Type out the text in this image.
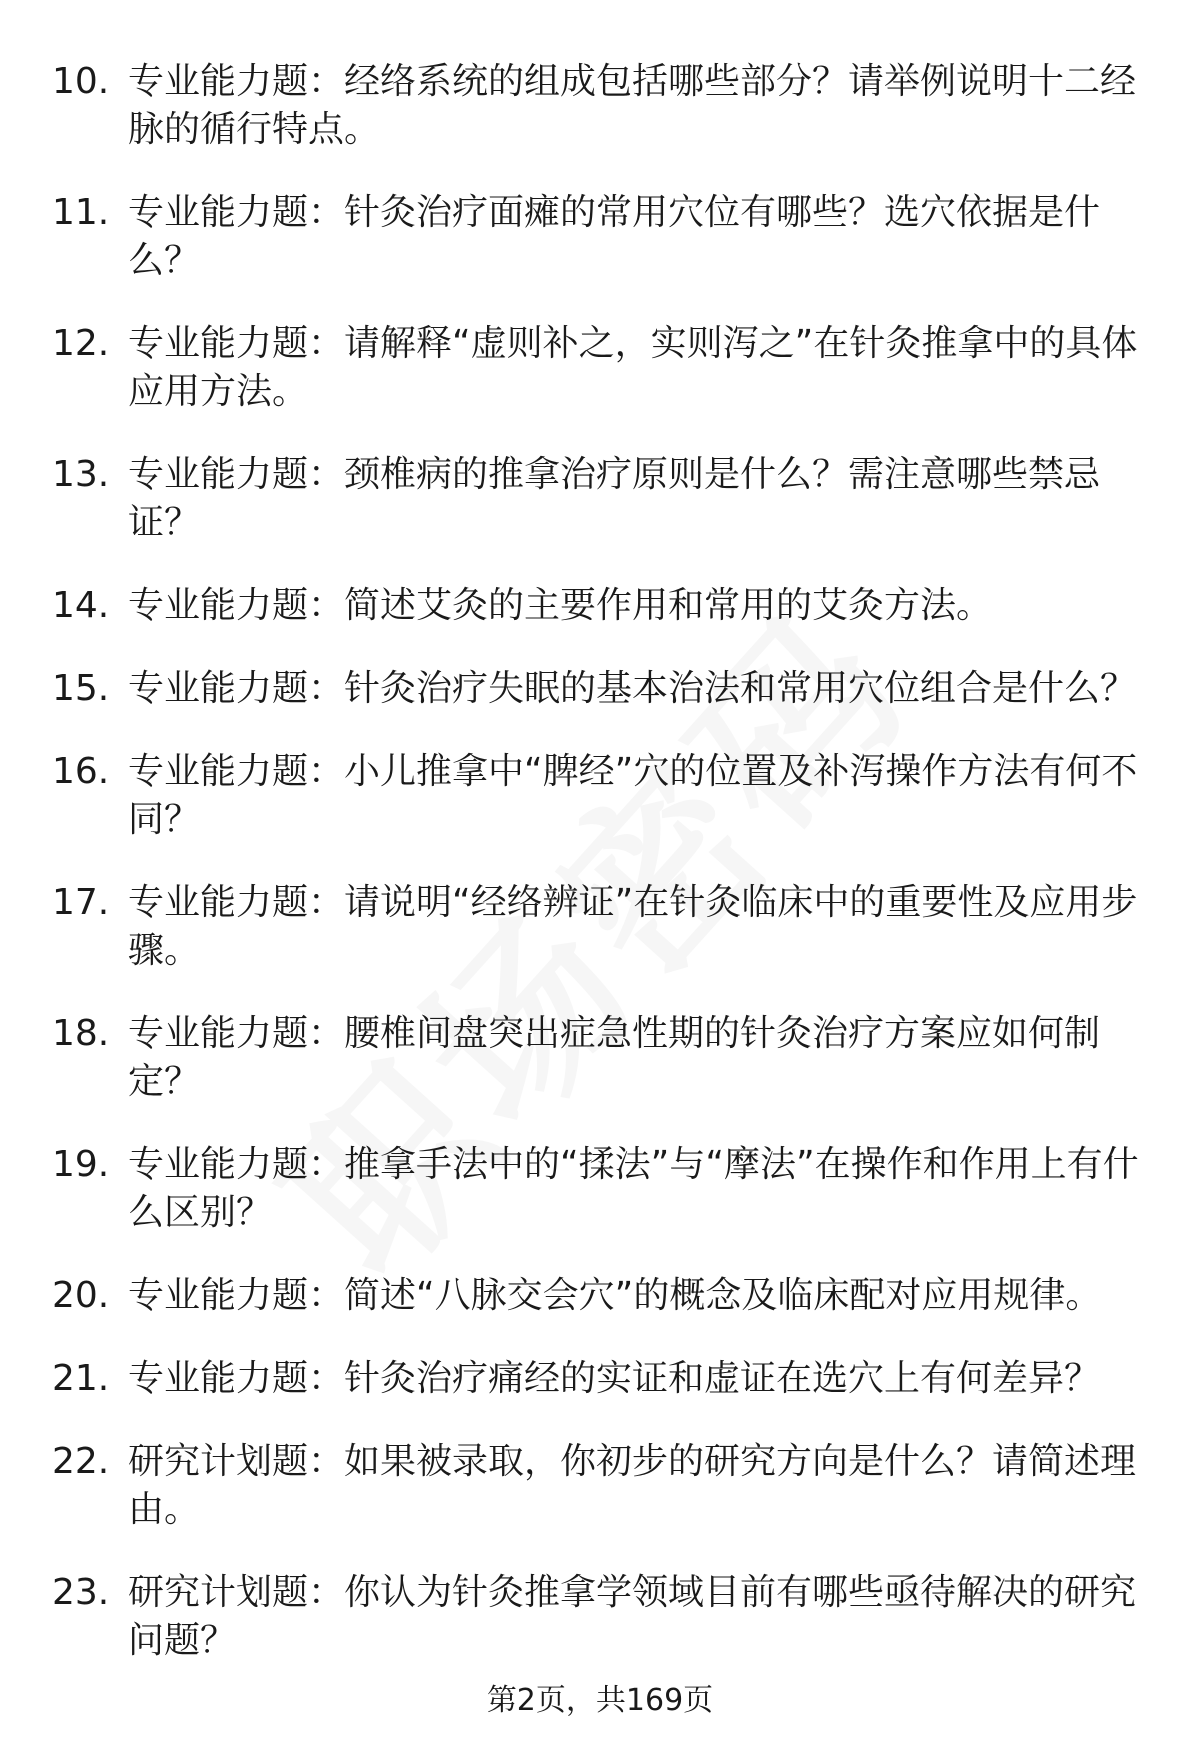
10. 专业能力题：经络系统的组成包括哪些部分？请举例说明十二经脉的循行特点。
11. 专业能力题：针灸治疗面瘫的常用穴位有哪些？选穴依据是什么？
12. 专业能力题：请解释“虚则补之，实则泻之”在针灸推拿中的具体应用方法。
13. 专业能力题：颈椎病的推拿治疗原则是什么？需注意哪些禁忌证？
14. 专业能力题：简述艾灸的主要作用和常用的艾灸方法。
15. 专业能力题：针灸治疗失眠的基本治法和常用穴位组合是什么？
16. 专业能力题：小儿推拿中“脾经”穴的位置及补泻操作方法有何不同？
17. 专业能力题：请说明“经络辨证”在针灸临床中的重要性及应用步骤。
18. 专业能力题：腰椎间盘突出症急性期的针灸治疗方案应如何制定？
19. 专业能力题：推拿手法中的“揉法”与“摩法”在操作和作用上有什么区别？
20. 专业能力题：简述“八脉交会穴”的概念及临床配对应用规律。
21. 专业能力题：针灸治疗痛经的实证和虚证在选穴上有何差异？
22. 研究计划题：如果被录取，你初步的研究方向是什么？请简述理由。
23. 研究计划题：你认为针灸推拿学领域目前有哪些亟待解决的研究问题？
第2页，共169页
